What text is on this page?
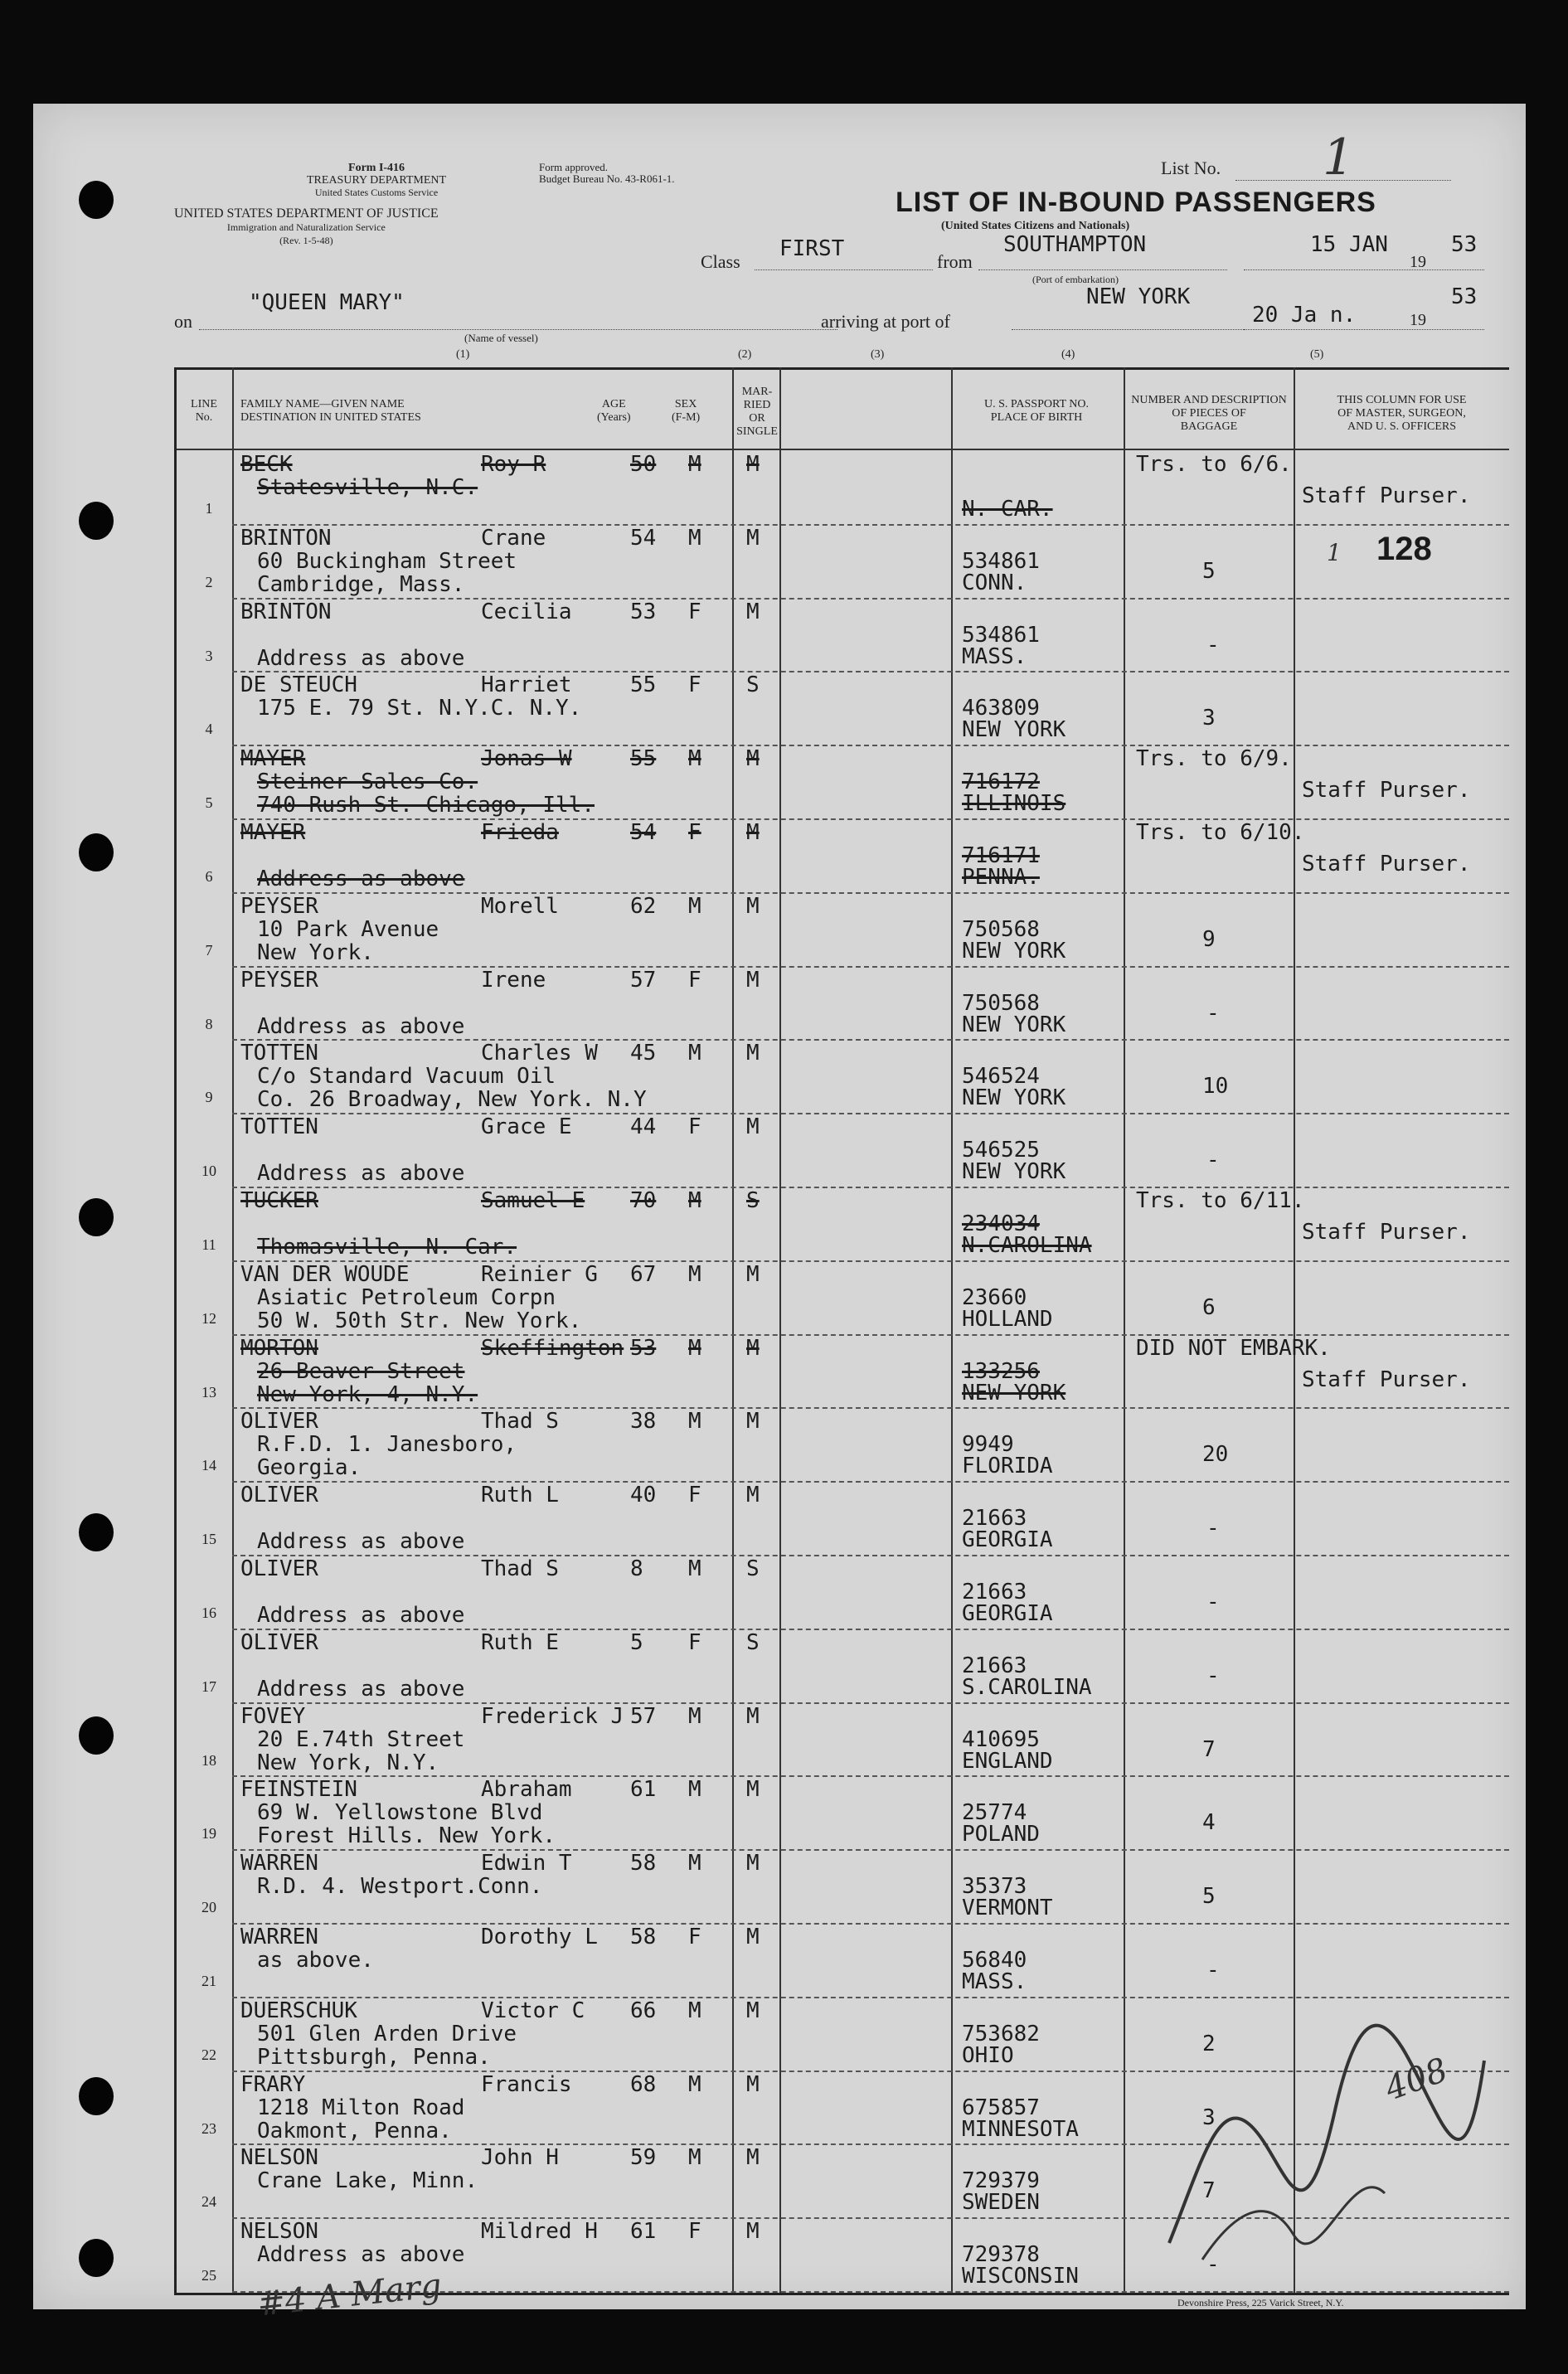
Form I-416
TREASURY DEPARTMENT
United States Customs Service
UNITED STATES DEPARTMENT OF JUSTICE
Immigration and Naturalization Service
(Rev. 1-5-48)
Form approved.
Budget Bureau No. 43-R061-1.
List No. 1
LIST OF IN-BOUND PASSENGERS
(United States Citizens and Nationals)
Class
FIRST
from
SOUTHAMPTON
(Port of embarkation)
15 JAN
19
53
on
"QUEEN MARY"
(Name of vessel)
arriving at port of
NEW YORK
20 Ja n.	19
53
(1)	(2)	(3)	(4)	(5)
LINE
No.
FAMILY NAME—GIVEN NAME
DESTINATION IN UNITED STATES
AGE
(Years)
SEX
(F-M)
MAR-
RIED
OR
SINGLE
U. S. PASSPORT NO.
PLACE OF BIRTH
NUMBER AND DESCRIPTION
OF PIECES OF
BAGGAGE
THIS COLUMN FOR USE
OF MASTER, SURGEON,
AND U. S. OFFICERS
1
BECK	Roy R	50 M M
Statesville, N.C.
N. CAR.
Trs. to 6/6.
Staff Purser.
2
BRINTON	Crane	54 M M
60 Buckingham Street
Cambridge, Mass.
534861
CONN.	5
3
BRINTON	Cecilia	53 F M
Address as above
534861
MASS.	-
4
DE STEUCH	Harriet	55 F S
175 E. 79 St. N.Y.C. N.Y.	463809
NEW YORK	3
5
MAYER	Jonas W	55 M M
Steiner Sales Co.
740 Rush St. Chicago, Ill.
716172
ILLINOIS
Trs. to 6/9.
Staff Purser.
6
MAYER	Frieda	54 F M
Address as above
716171
PENNA.
Trs. to 6/10.
Staff Purser.
7
PEYSER	Morell	62 M M
10 Park Avenue
New York.
750568
NEW YORK	9
8
PEYSER	Irene	57 F M
Address as above
750568
NEW YORK	-
9
TOTTEN	Charles W 45 M M
C/o Standard Vacuum Oil
Co. 26 Broadway, New York. N.Y
546524
NEW YORK	10
10
TOTTEN	Grace E	44 F M
Address as above
546525
NEW YORK	-
11
TUCKER	Samuel E 70 M S
Thomasville, N. Car.
234034
N.CAROLINA
Trs. to 6/11.
Staff Purser.
12
VAN DER WOUDE	Reinier G 67 M M
Asiatic Petroleum Corpn
50 W. 50th Str. New York.
23660
HOLLAND	6
13
MORTON	Skeffington 53 M M
26 Beaver Street
New York, 4, N.Y.
133256
NEW YORK
DID NOT EMBARK.
Staff Purser.
14
OLIVER	Thad S	38 M M
R.F.D. 1. Janesboro,
Georgia.
9949
FLORIDA	20
15
OLIVER	Ruth L	40 F M
Address as above
21663
GEORGIA	-
16
OLIVER	Thad S	8 M S
Address as above
21663
GEORGIA	-
17
OLIVER	Ruth E	5 F S
Address as above
21663
S.CAROLINA	-
18
FOVEY	Frederick J 57 M M
20 E.74th Street
New York, N.Y.
410695
ENGLAND	7
19
FEINSTEIN	Abraham	61 M M
69 W. Yellowstone Blvd
Forest Hills. New York.
25774
POLAND	4
20
WARREN	Edwin T	58 M M
R.D. 4. Westport.Conn.	35373
VERMONT	5
21
WARREN	Dorothy L 58 F M
as above.	56840
MASS.	-
22
DUERSCHUK	Victor C 66 M M
501 Glen Arden Drive
Pittsburgh, Penna.
753682
OHIO	2
23
FRARY	Francis	68 M M
1218 Milton Road
Oakmont, Penna.
675857
MINNESOTA	3
24
NELSON	John H	59 M M
Crane Lake, Minn.	729379
SWEDEN	7
25
NELSON	Mildred H 61 F M
Address as above	729378
WISCONSIN	-
128
1
Devonshire Press, 225 Varick Street, N.Y.
#4 A Marg
408
